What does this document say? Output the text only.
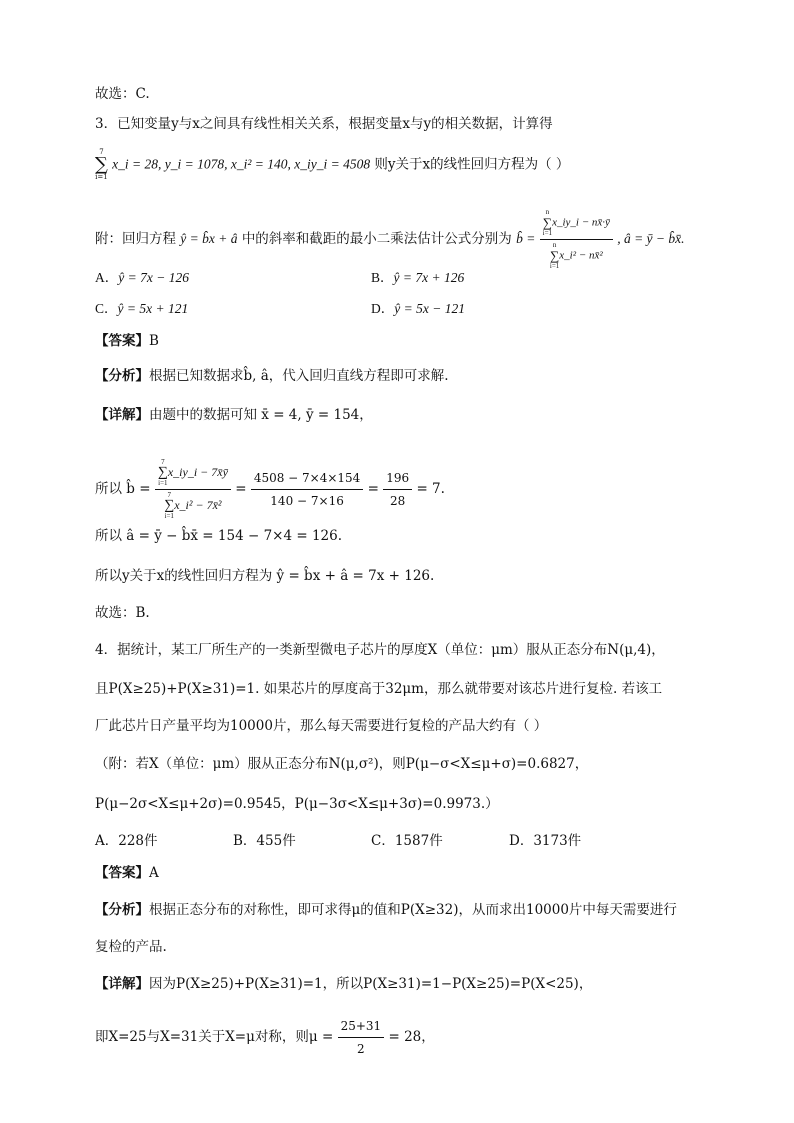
故选：C.
3．已知变量y与x之间具有线性相关关系，根据变量x与y的相关数据，计算得
7
∑
i=1
x_i = 28, y_i = 1078, x_i² = 140, x_iy_i = 4508 则y关于x的线性回归方程为（ ）
附：回归方程 ŷ = b̂x + â 中的斜率和截距的最小二乘法估计公式分别为 b̂ = n
∑
i=1
x_iy_i − nx̄·ȳ
n
∑
i=1
x_i² − nx̄² , â = ȳ − b̂x̄.
A．ŷ = 7x − 126	B．ŷ = 7x + 126
C．ŷ = 5x + 121	D．ŷ = 5x − 121
【答案】B
【分析】根据已知数据求b̂, â，代入回归直线方程即可求解.
【详解】由题中的数据可知 x̄ = 4, ȳ = 154，
所以 b̂ = 7
∑
i=1
x_iy_i − 7x̄ȳ
7
∑
i=1
x_i² − 7x̄² = $\frac{4508 - 7\times 4\times 154}{140 - 7\times 16} = \frac{196}{28} = 7$.
所以 â = ȳ − b̂x̄ = 154 − 7×4 = 126.
所以y关于x的线性回归方程为 ŷ = b̂x + â = 7x + 126.
故选：B.
4．据统计，某工厂所生产的一类新型微电子芯片的厚度X（单位：μm）服从正态分布N(μ,4)，
且P(X≥25)+P(X≥31)=1. 如果芯片的厚度高于32μm，那么就带要对该芯片进行复检. 若该工
厂此芯片日产量平均为10000片，那么每天需要进行复检的产品大约有（ ）
（附：若X（单位：μm）服从正态分布N(μ,σ²)，则P(μ−σ<X≤μ+σ)=0.6827，
P(μ−2σ<X≤μ+2σ)=0.9545，P(μ−3σ<X≤μ+3σ)=0.9973.）
A．228件	B．455件	C．1587件	D．3173件
【答案】A
【分析】根据正态分布的对称性，即可求得μ的值和P(X≥32)，从而求出10000片中每天需要进行
复检的产品.
【详解】因为P(X≥25)+P(X≥31)=1，所以P(X≥31)=1−P(X≥25)=P(X<25)，
即X=25与X=31关于X=μ对称，则$\mu = \frac{25+31}{2} = 28$，
